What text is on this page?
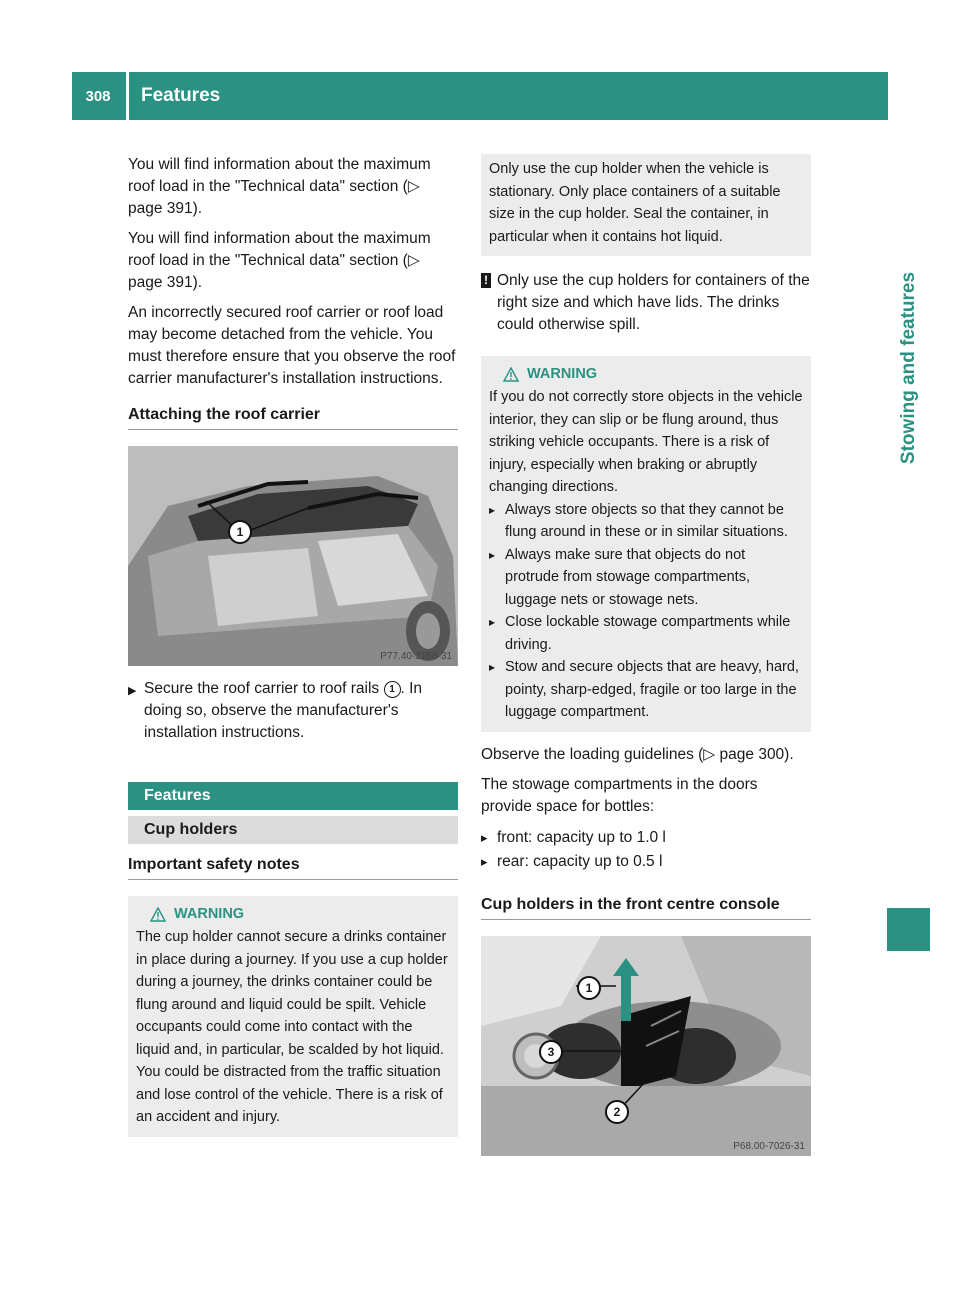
308	Features
Stowing and features

You will find information about the maximum roof load in the "Technical data" section (▷ page 391).

You will find information about the maximum roof load in the "Technical data" section (▷ page 391).

An incorrectly secured roof carrier or roof load may become detached from the vehicle. You must therefore ensure that you observe the roof carrier manufacturer's installation instructions.

Attaching the roof carrier
1
P77.40-2158-31
▶ Secure the roof carrier to roof rails 1 . In doing so, observe the manufacturer's installation instructions.
Features
Cup holders
Important safety notes
WARNING

The cup holder cannot secure a drinks container in place during a journey. If you use a cup holder during a journey, the drinks container could be flung around and liquid could be spilt. Vehicle occupants could come into contact with the liquid and, in particular, be scalded by hot liquid. You could be distracted from the traffic situation and lose control of the vehicle. There is a risk of an accident and injury.

Only use the cup holder when the vehicle is stationary. Only place containers of a suitable size in the cup holder. Seal the container, in particular when it contains hot liquid.

! Only use the cup holders for containers of the right size and which have lids. The drinks could otherwise spill.
WARNING

If you do not correctly store objects in the vehicle interior, they can slip or be flung around, thus striking vehicle occupants. There is a risk of injury, especially when braking or abruptly changing directions.

▸ Always store objects so that they cannot be flung around in these or in similar situations.
▸ Always make sure that objects do not protrude from stowage compartments, luggage nets or stowage nets.
▸ Close lockable stowage compartments while driving.
▸ Stow and secure objects that are heavy, hard, pointy, sharp-edged, fragile or too large in the luggage compartment.

Observe the loading guidelines (▷ page 300).

The stowage compartments in the doors provide space for bottles:

▸ front: capacity up to 1.0 l
▸ rear: capacity up to 0.5 l
Cup holders in the front centre console
1
3
2
P68.00-7026-31
